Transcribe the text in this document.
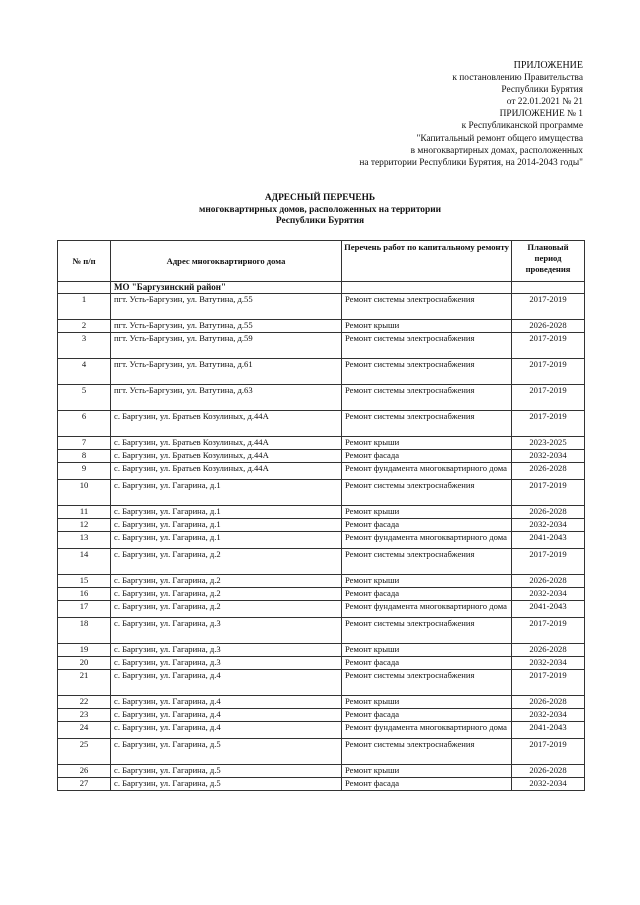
ПРИЛОЖЕНИЕ
к постановлению Правительства
Республики Бурятия
от 22.01.2021 № 21
ПРИЛОЖЕНИЕ № 1
к Республиканской программе
"Капитальный ремонт общего имущества
в многоквартирных домах, расположенных
на территории Республики Бурятия, на 2014-2043 годы"
АДРЕСНЫЙ ПЕРЕЧЕНЬ
многоквартирных домов, расположенных на территории
Республики Бурятия
№ п/п	Адрес многоквартирного дома	Перечень работ по капитальному ремонту	Плановый период проведения
	МО "Баргузинский район"		
1	пгт. Усть-Баргузин, ул. Ватутина, д.55	Ремонт системы электроснабжения	2017-2019
2	пгт. Усть-Баргузин, ул. Ватутина, д.55	Ремонт крыши	2026-2028
3	пгт. Усть-Баргузин, ул. Ватутина, д.59	Ремонт системы электроснабжения	2017-2019
4	пгт. Усть-Баргузин, ул. Ватутина, д.61	Ремонт системы электроснабжения	2017-2019
5	пгт. Усть-Баргузин, ул. Ватутина, д.63	Ремонт системы электроснабжения	2017-2019
6	с. Баргузин, ул. Братьев Козулиных, д.44А	Ремонт системы электроснабжения	2017-2019
7	с. Баргузин, ул. Братьев Козулиных, д.44А	Ремонт крыши	2023-2025
8	с. Баргузин, ул. Братьев Козулиных, д.44А	Ремонт фасада	2032-2034
9	с. Баргузин, ул. Братьев Козулиных, д.44А	Ремонт фундамента многоквартирного дома	2026-2028
10	с. Баргузин, ул. Гагарина, д.1	Ремонт системы электроснабжения	2017-2019
11	с. Баргузин, ул. Гагарина, д.1	Ремонт крыши	2026-2028
12	с. Баргузин, ул. Гагарина, д.1	Ремонт фасада	2032-2034
13	с. Баргузин, ул. Гагарина, д.1	Ремонт фундамента многоквартирного дома	2041-2043
14	с. Баргузин, ул. Гагарина, д.2	Ремонт системы электроснабжения	2017-2019
15	с. Баргузин, ул. Гагарина, д.2	Ремонт крыши	2026-2028
16	с. Баргузин, ул. Гагарина, д.2	Ремонт фасада	2032-2034
17	с. Баргузин, ул. Гагарина, д.2	Ремонт фундамента многоквартирного дома	2041-2043
18	с. Баргузин, ул. Гагарина, д.3	Ремонт системы электроснабжения	2017-2019
19	с. Баргузин, ул. Гагарина, д.3	Ремонт крыши	2026-2028
20	с. Баргузин, ул. Гагарина, д.3	Ремонт фасада	2032-2034
21	с. Баргузин, ул. Гагарина, д.4	Ремонт системы электроснабжения	2017-2019
22	с. Баргузин, ул. Гагарина, д.4	Ремонт крыши	2026-2028
23	с. Баргузин, ул. Гагарина, д.4	Ремонт фасада	2032-2034
24	с. Баргузин, ул. Гагарина, д.4	Ремонт фундамента многоквартирного дома	2041-2043
25	с. Баргузин, ул. Гагарина, д.5	Ремонт системы электроснабжения	2017-2019
26	с. Баргузин, ул. Гагарина, д.5	Ремонт крыши	2026-2028
27	с. Баргузин, ул. Гагарина, д.5	Ремонт фасада	2032-2034
